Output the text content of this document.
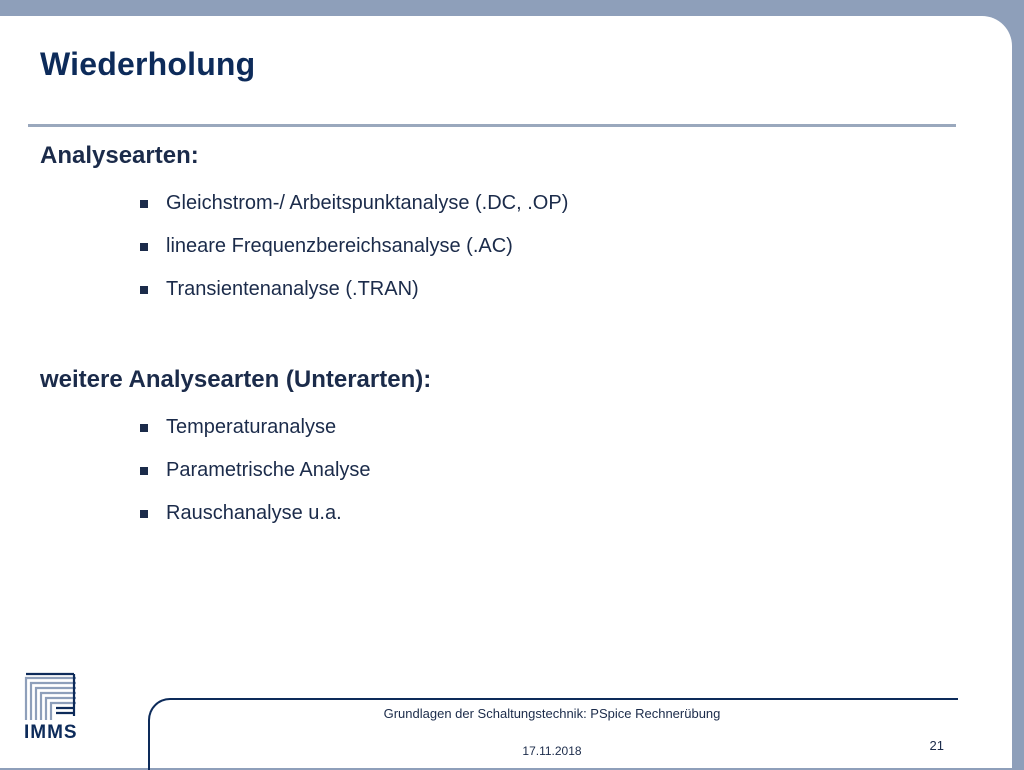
Wiederholung
Analysearten:
Gleichstrom-/ Arbeitspunktanalyse (.DC, .OP)
lineare Frequenzbereichsanalyse (.AC)
Transientenanalyse (.TRAN)
weitere Analysearten (Unterarten):
Temperaturanalyse
Parametrische Analyse
Rauschanalyse u.a.
IMMS
Grundlagen der Schaltungstechnik: PSpice Rechnerübung
17.11.2018	21
